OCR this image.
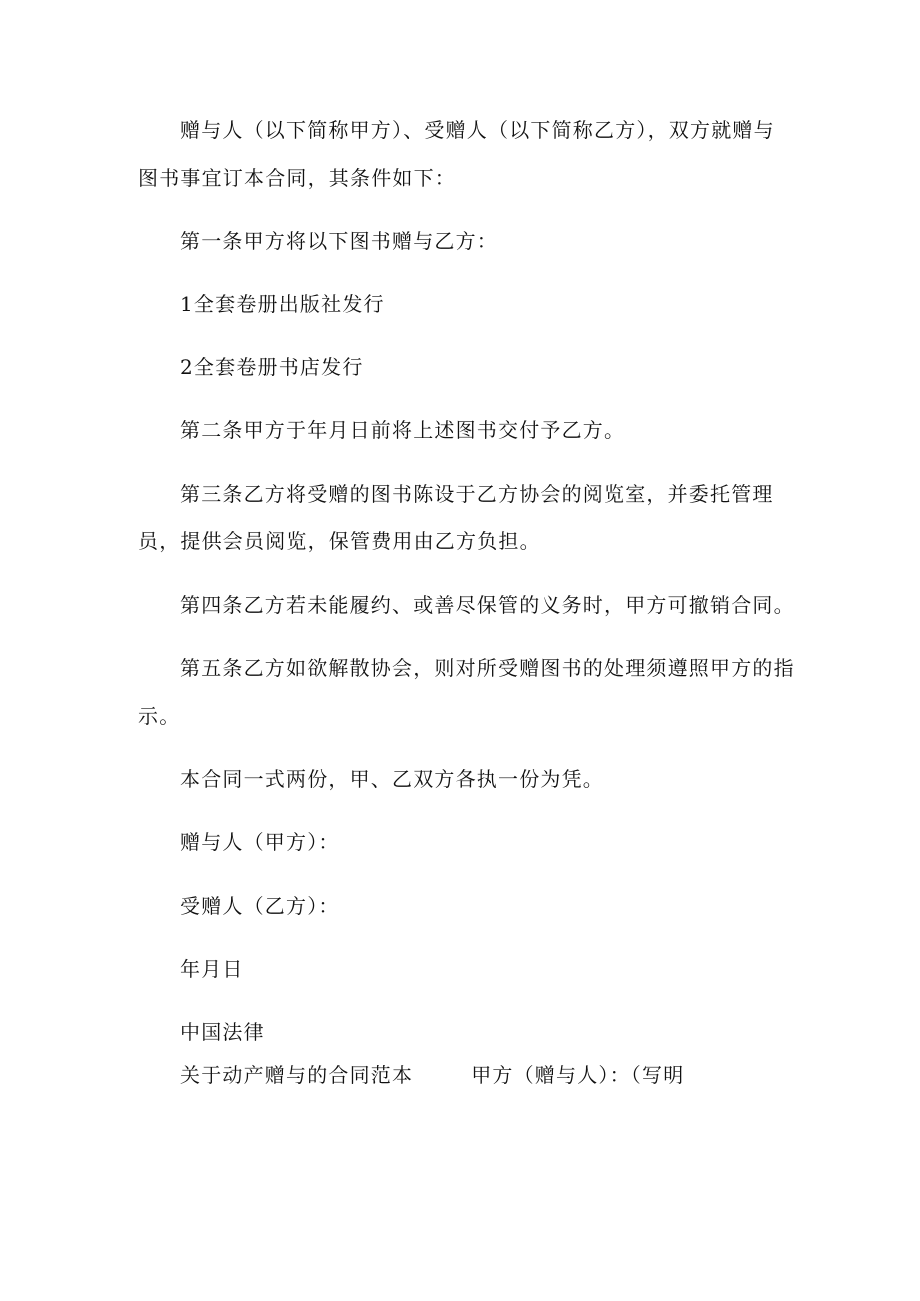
赠与人（以下简称甲方）、受赠人（以下简称乙方），双方就赠与
图书事宜订本合同，其条件如下：
第一条甲方将以下图书赠与乙方：
1全套卷册出版社发行
2全套卷册书店发行
第二条甲方于年月日前将上述图书交付予乙方。
第三条乙方将受赠的图书陈设于乙方协会的阅览室，并委托管理
员，提供会员阅览，保管费用由乙方负担。
第四条乙方若未能履约、或善尽保管的义务时，甲方可撤销合同。
第五条乙方如欲解散协会，则对所受赠图书的处理须遵照甲方的指
示。
本合同一式两份，甲、乙双方各执一份为凭。
赠与人（甲方）：
受赠人（乙方）：
年月日
中国法律
关于动产赠与的合同范本	甲方（赠与人）：（写明
